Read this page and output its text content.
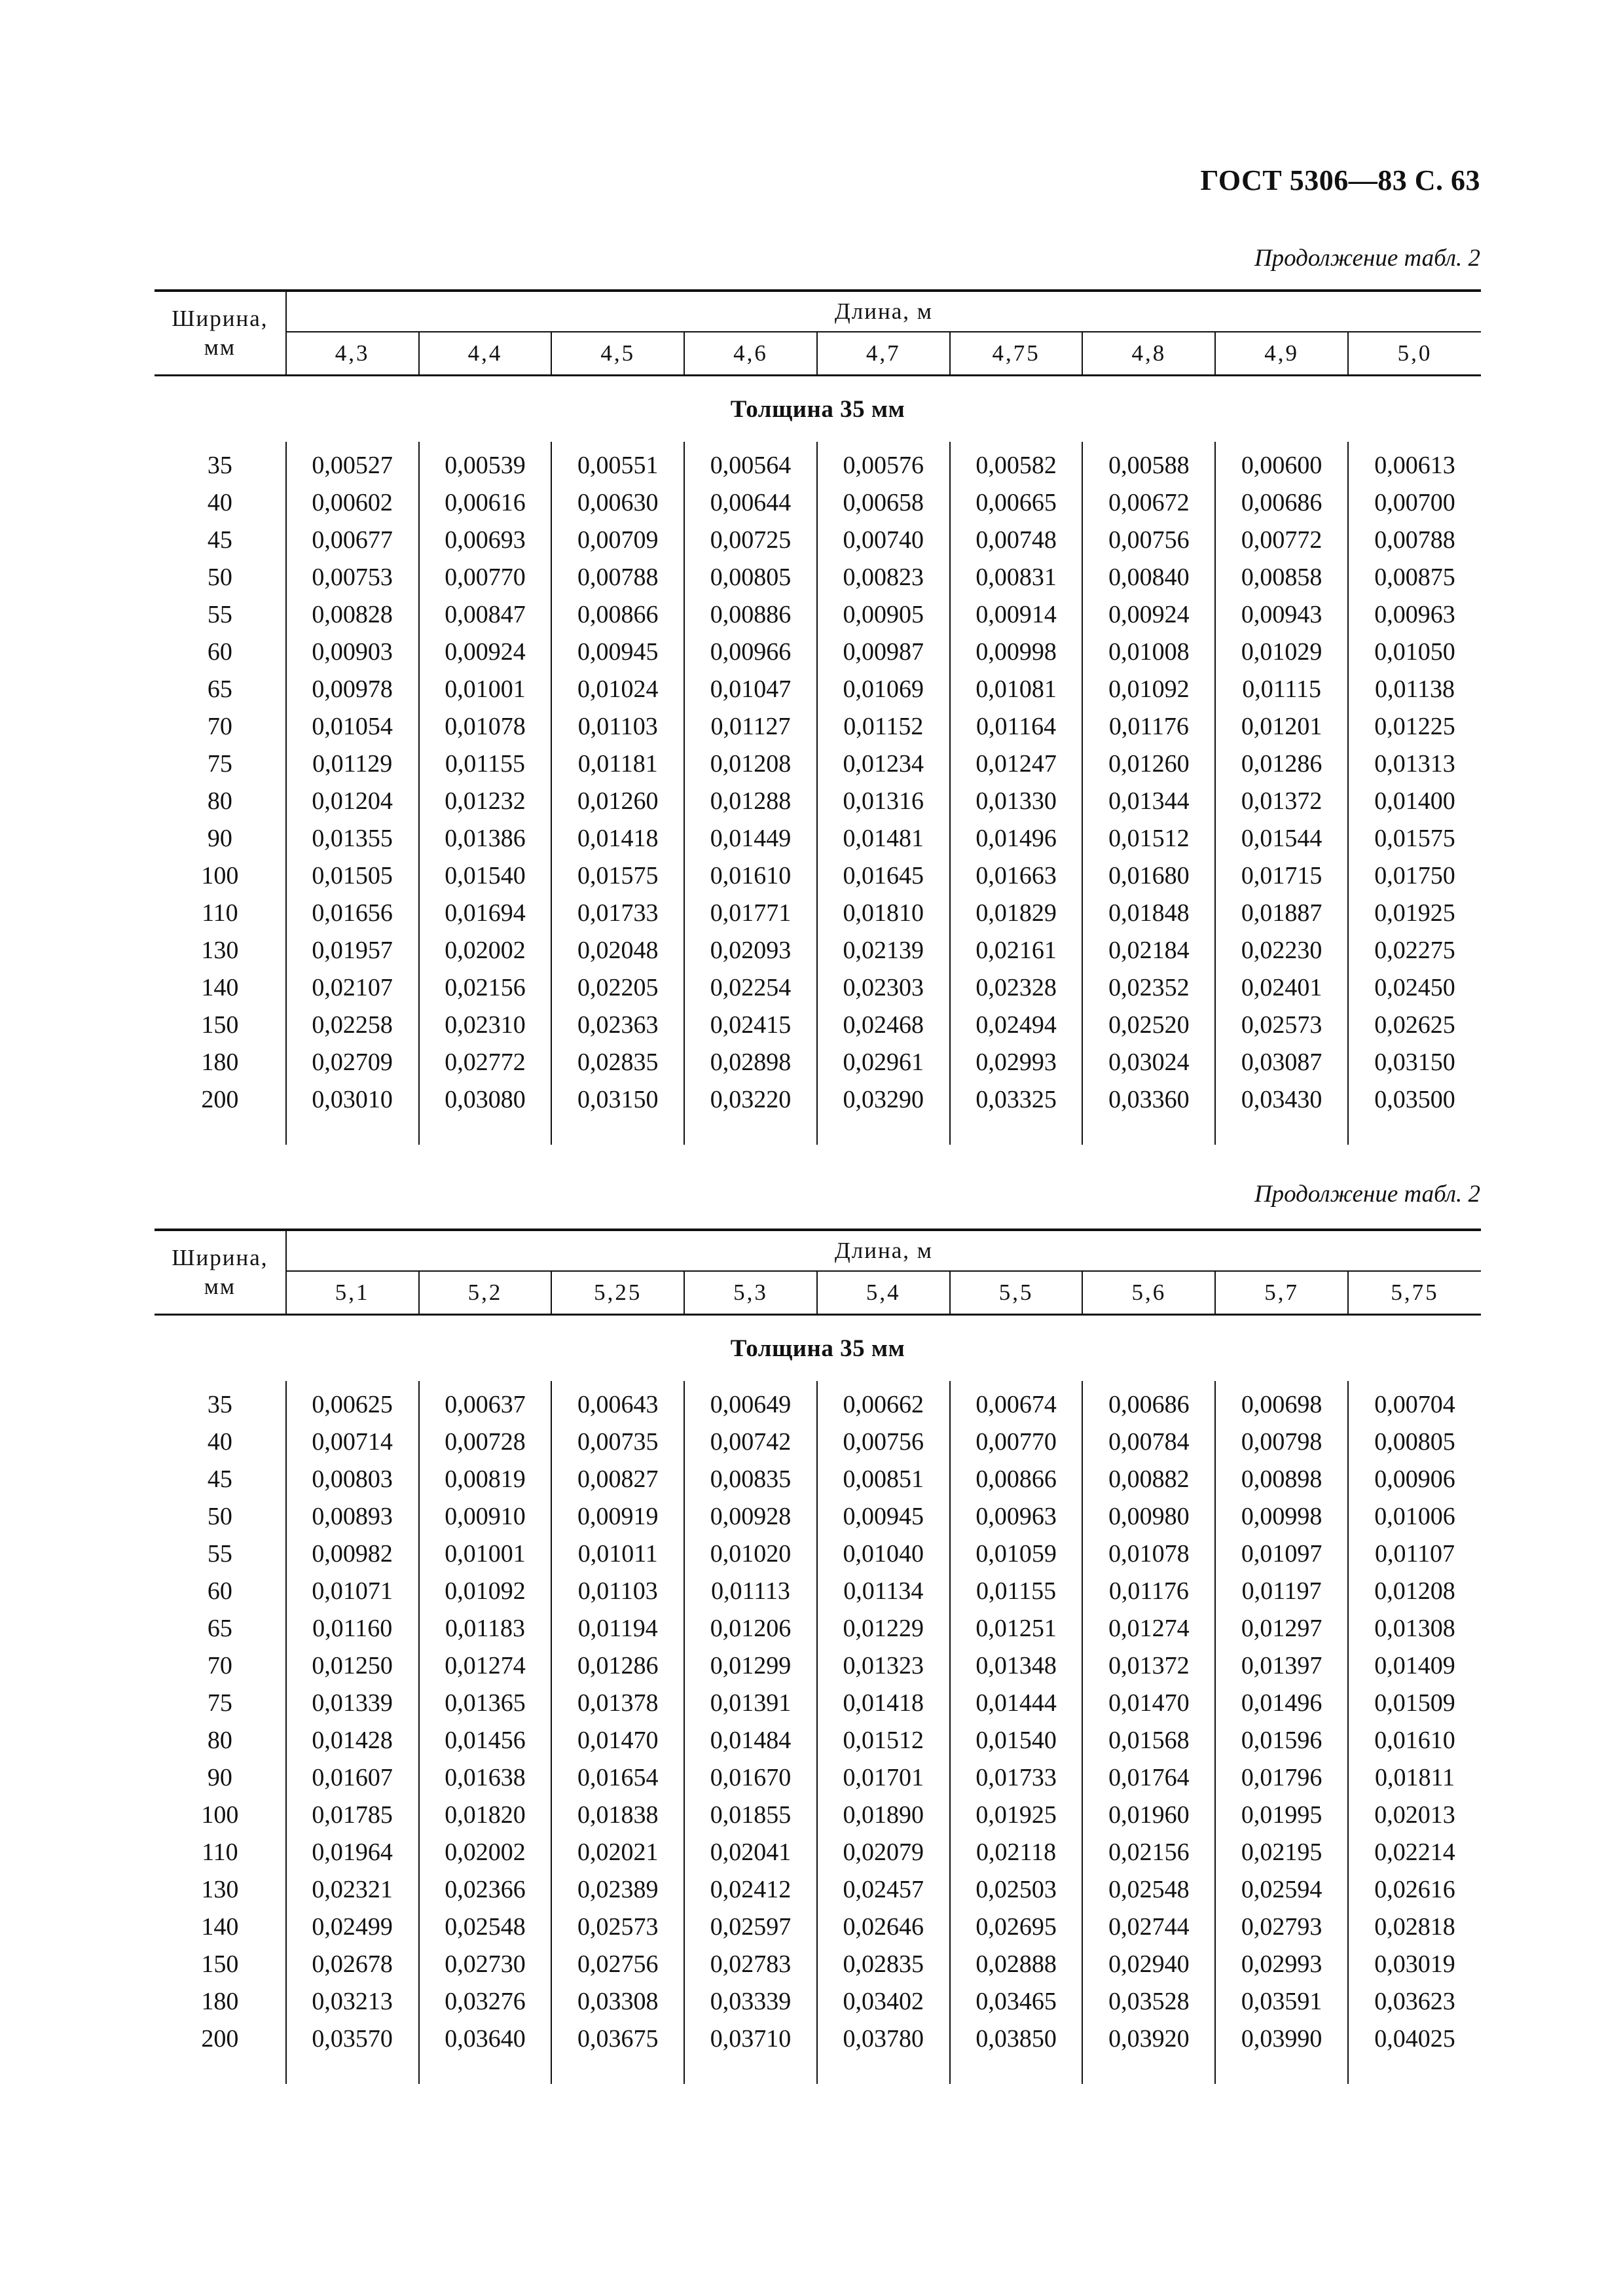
ГОСТ 5306—83 С. 63
Продолжение табл. 2
Ширина,
мм	Длина, м								
	4,3	4,4	4,5	4,6	4,7	4,75	4,8	4,9	5,0
Толщина 35 мм									

35	0,00527	0,00539	0,00551	0,00564	0,00576	0,00582	0,00588	0,00600	0,00613
40	0,00602	0,00616	0,00630	0,00644	0,00658	0,00665	0,00672	0,00686	0,00700
45	0,00677	0,00693	0,00709	0,00725	0,00740	0,00748	0,00756	0,00772	0,00788
50	0,00753	0,00770	0,00788	0,00805	0,00823	0,00831	0,00840	0,00858	0,00875
55	0,00828	0,00847	0,00866	0,00886	0,00905	0,00914	0,00924	0,00943	0,00963
60	0,00903	0,00924	0,00945	0,00966	0,00987	0,00998	0,01008	0,01029	0,01050
65	0,00978	0,01001	0,01024	0,01047	0,01069	0,01081	0,01092	0,01115	0,01138
70	0,01054	0,01078	0,01103	0,01127	0,01152	0,01164	0,01176	0,01201	0,01225
75	0,01129	0,01155	0,01181	0,01208	0,01234	0,01247	0,01260	0,01286	0,01313
80	0,01204	0,01232	0,01260	0,01288	0,01316	0,01330	0,01344	0,01372	0,01400
90	0,01355	0,01386	0,01418	0,01449	0,01481	0,01496	0,01512	0,01544	0,01575
100	0,01505	0,01540	0,01575	0,01610	0,01645	0,01663	0,01680	0,01715	0,01750
110	0,01656	0,01694	0,01733	0,01771	0,01810	0,01829	0,01848	0,01887	0,01925
130	0,01957	0,02002	0,02048	0,02093	0,02139	0,02161	0,02184	0,02230	0,02275
140	0,02107	0,02156	0,02205	0,02254	0,02303	0,02328	0,02352	0,02401	0,02450
150	0,02258	0,02310	0,02363	0,02415	0,02468	0,02494	0,02520	0,02573	0,02625
180	0,02709	0,02772	0,02835	0,02898	0,02961	0,02993	0,03024	0,03087	0,03150
200	0,03010	0,03080	0,03150	0,03220	0,03290	0,03325	0,03360	0,03430	0,03500

Продолжение табл. 2
Ширина,
мм	Длина, м								
	5,1	5,2	5,25	5,3	5,4	5,5	5,6	5,7	5,75
Толщина 35 мм									

35	0,00625	0,00637	0,00643	0,00649	0,00662	0,00674	0,00686	0,00698	0,00704
40	0,00714	0,00728	0,00735	0,00742	0,00756	0,00770	0,00784	0,00798	0,00805
45	0,00803	0,00819	0,00827	0,00835	0,00851	0,00866	0,00882	0,00898	0,00906
50	0,00893	0,00910	0,00919	0,00928	0,00945	0,00963	0,00980	0,00998	0,01006
55	0,00982	0,01001	0,01011	0,01020	0,01040	0,01059	0,01078	0,01097	0,01107
60	0,01071	0,01092	0,01103	0,01113	0,01134	0,01155	0,01176	0,01197	0,01208
65	0,01160	0,01183	0,01194	0,01206	0,01229	0,01251	0,01274	0,01297	0,01308
70	0,01250	0,01274	0,01286	0,01299	0,01323	0,01348	0,01372	0,01397	0,01409
75	0,01339	0,01365	0,01378	0,01391	0,01418	0,01444	0,01470	0,01496	0,01509
80	0,01428	0,01456	0,01470	0,01484	0,01512	0,01540	0,01568	0,01596	0,01610
90	0,01607	0,01638	0,01654	0,01670	0,01701	0,01733	0,01764	0,01796	0,01811
100	0,01785	0,01820	0,01838	0,01855	0,01890	0,01925	0,01960	0,01995	0,02013
110	0,01964	0,02002	0,02021	0,02041	0,02079	0,02118	0,02156	0,02195	0,02214
130	0,02321	0,02366	0,02389	0,02412	0,02457	0,02503	0,02548	0,02594	0,02616
140	0,02499	0,02548	0,02573	0,02597	0,02646	0,02695	0,02744	0,02793	0,02818
150	0,02678	0,02730	0,02756	0,02783	0,02835	0,02888	0,02940	0,02993	0,03019
180	0,03213	0,03276	0,03308	0,03339	0,03402	0,03465	0,03528	0,03591	0,03623
200	0,03570	0,03640	0,03675	0,03710	0,03780	0,03850	0,03920	0,03990	0,04025
